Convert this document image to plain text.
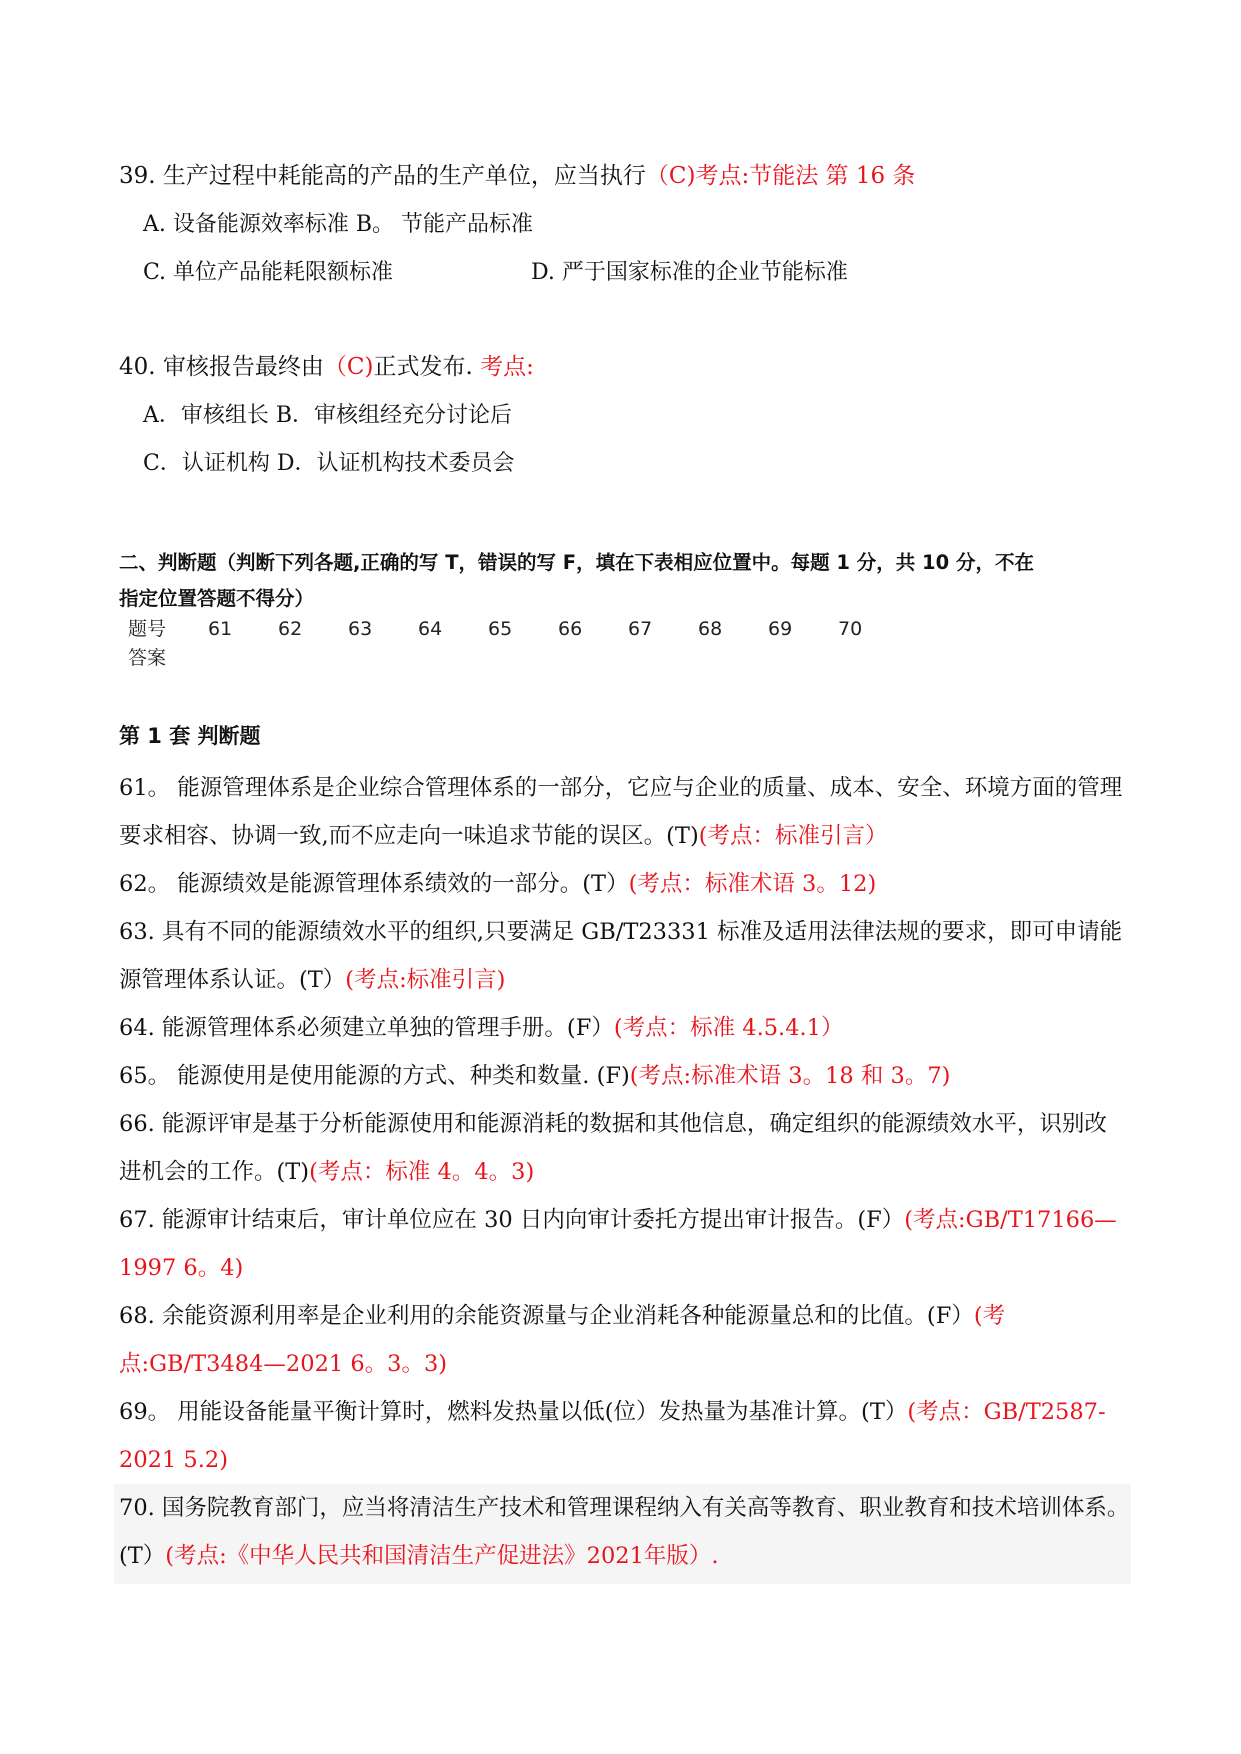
39. 生产过程中耗能高的产品的生产单位，应当执行（C)考点:节能法 第 16 条
A. 设备能源效率标准 B。 节能产品标准
C. 单位产品能耗限额标准	D. 严于国家标准的企业节能标准
40. 审核报告最终由（C)正式发布. 考点:
A．审核组长 B．审核组经充分讨论后
C．认证机构 D．认证机构技术委员会
二、判断题（判断下列各题,正确的写 T，错误的写 F，填在下表相应位置中。每题 1 分，共 10 分，不在
指定位置答题不得分）
题号 61 62 63 64 65 66 67 68 69 70
答案
第 1 套 判断题
61。 能源管理体系是企业综合管理体系的一部分，它应与企业的质量、成本、安全、环境方面的管理要求相容、协调一致,而不应走向一味追求节能的误区。(T)(考点：标准引言）
62。 能源绩效是能源管理体系绩效的一部分。(T）(考点：标准术语 3。12)
63. 具有不同的能源绩效水平的组织,只要满足 GB/T23331 标准及适用法律法规的要求，即可申请能源管理体系认证。(T）(考点:标准引言)
64. 能源管理体系必须建立单独的管理手册。(F）(考点：标准 4.5.4.1）
65。 能源使用是使用能源的方式、种类和数量. (F)(考点:标准术语 3。18 和 3。7)
66. 能源评审是基于分析能源使用和能源消耗的数据和其他信息，确定组织的能源绩效水平，识别改进机会的工作。(T)(考点：标准 4。4。3)
67. 能源审计结束后，审计单位应在 30 日内向审计委托方提出审计报告。(F）(考点:GB/T17166—1997 6。4)
68. 余能资源利用率是企业利用的余能资源量与企业消耗各种能源量总和的比值。(F）(考点:GB/T3484—2021 6。3。3)
69。 用能设备能量平衡计算时，燃料发热量以低(位）发热量为基准计算。(T）(考点：GB/T2587-2021 5.2)
70. 国务院教育部门，应当将清洁生产技术和管理课程纳入有关高等教育、职业教育和技术培训体系。(T）(考点:《中华人民共和国清洁生产促进法》2021年版）.
